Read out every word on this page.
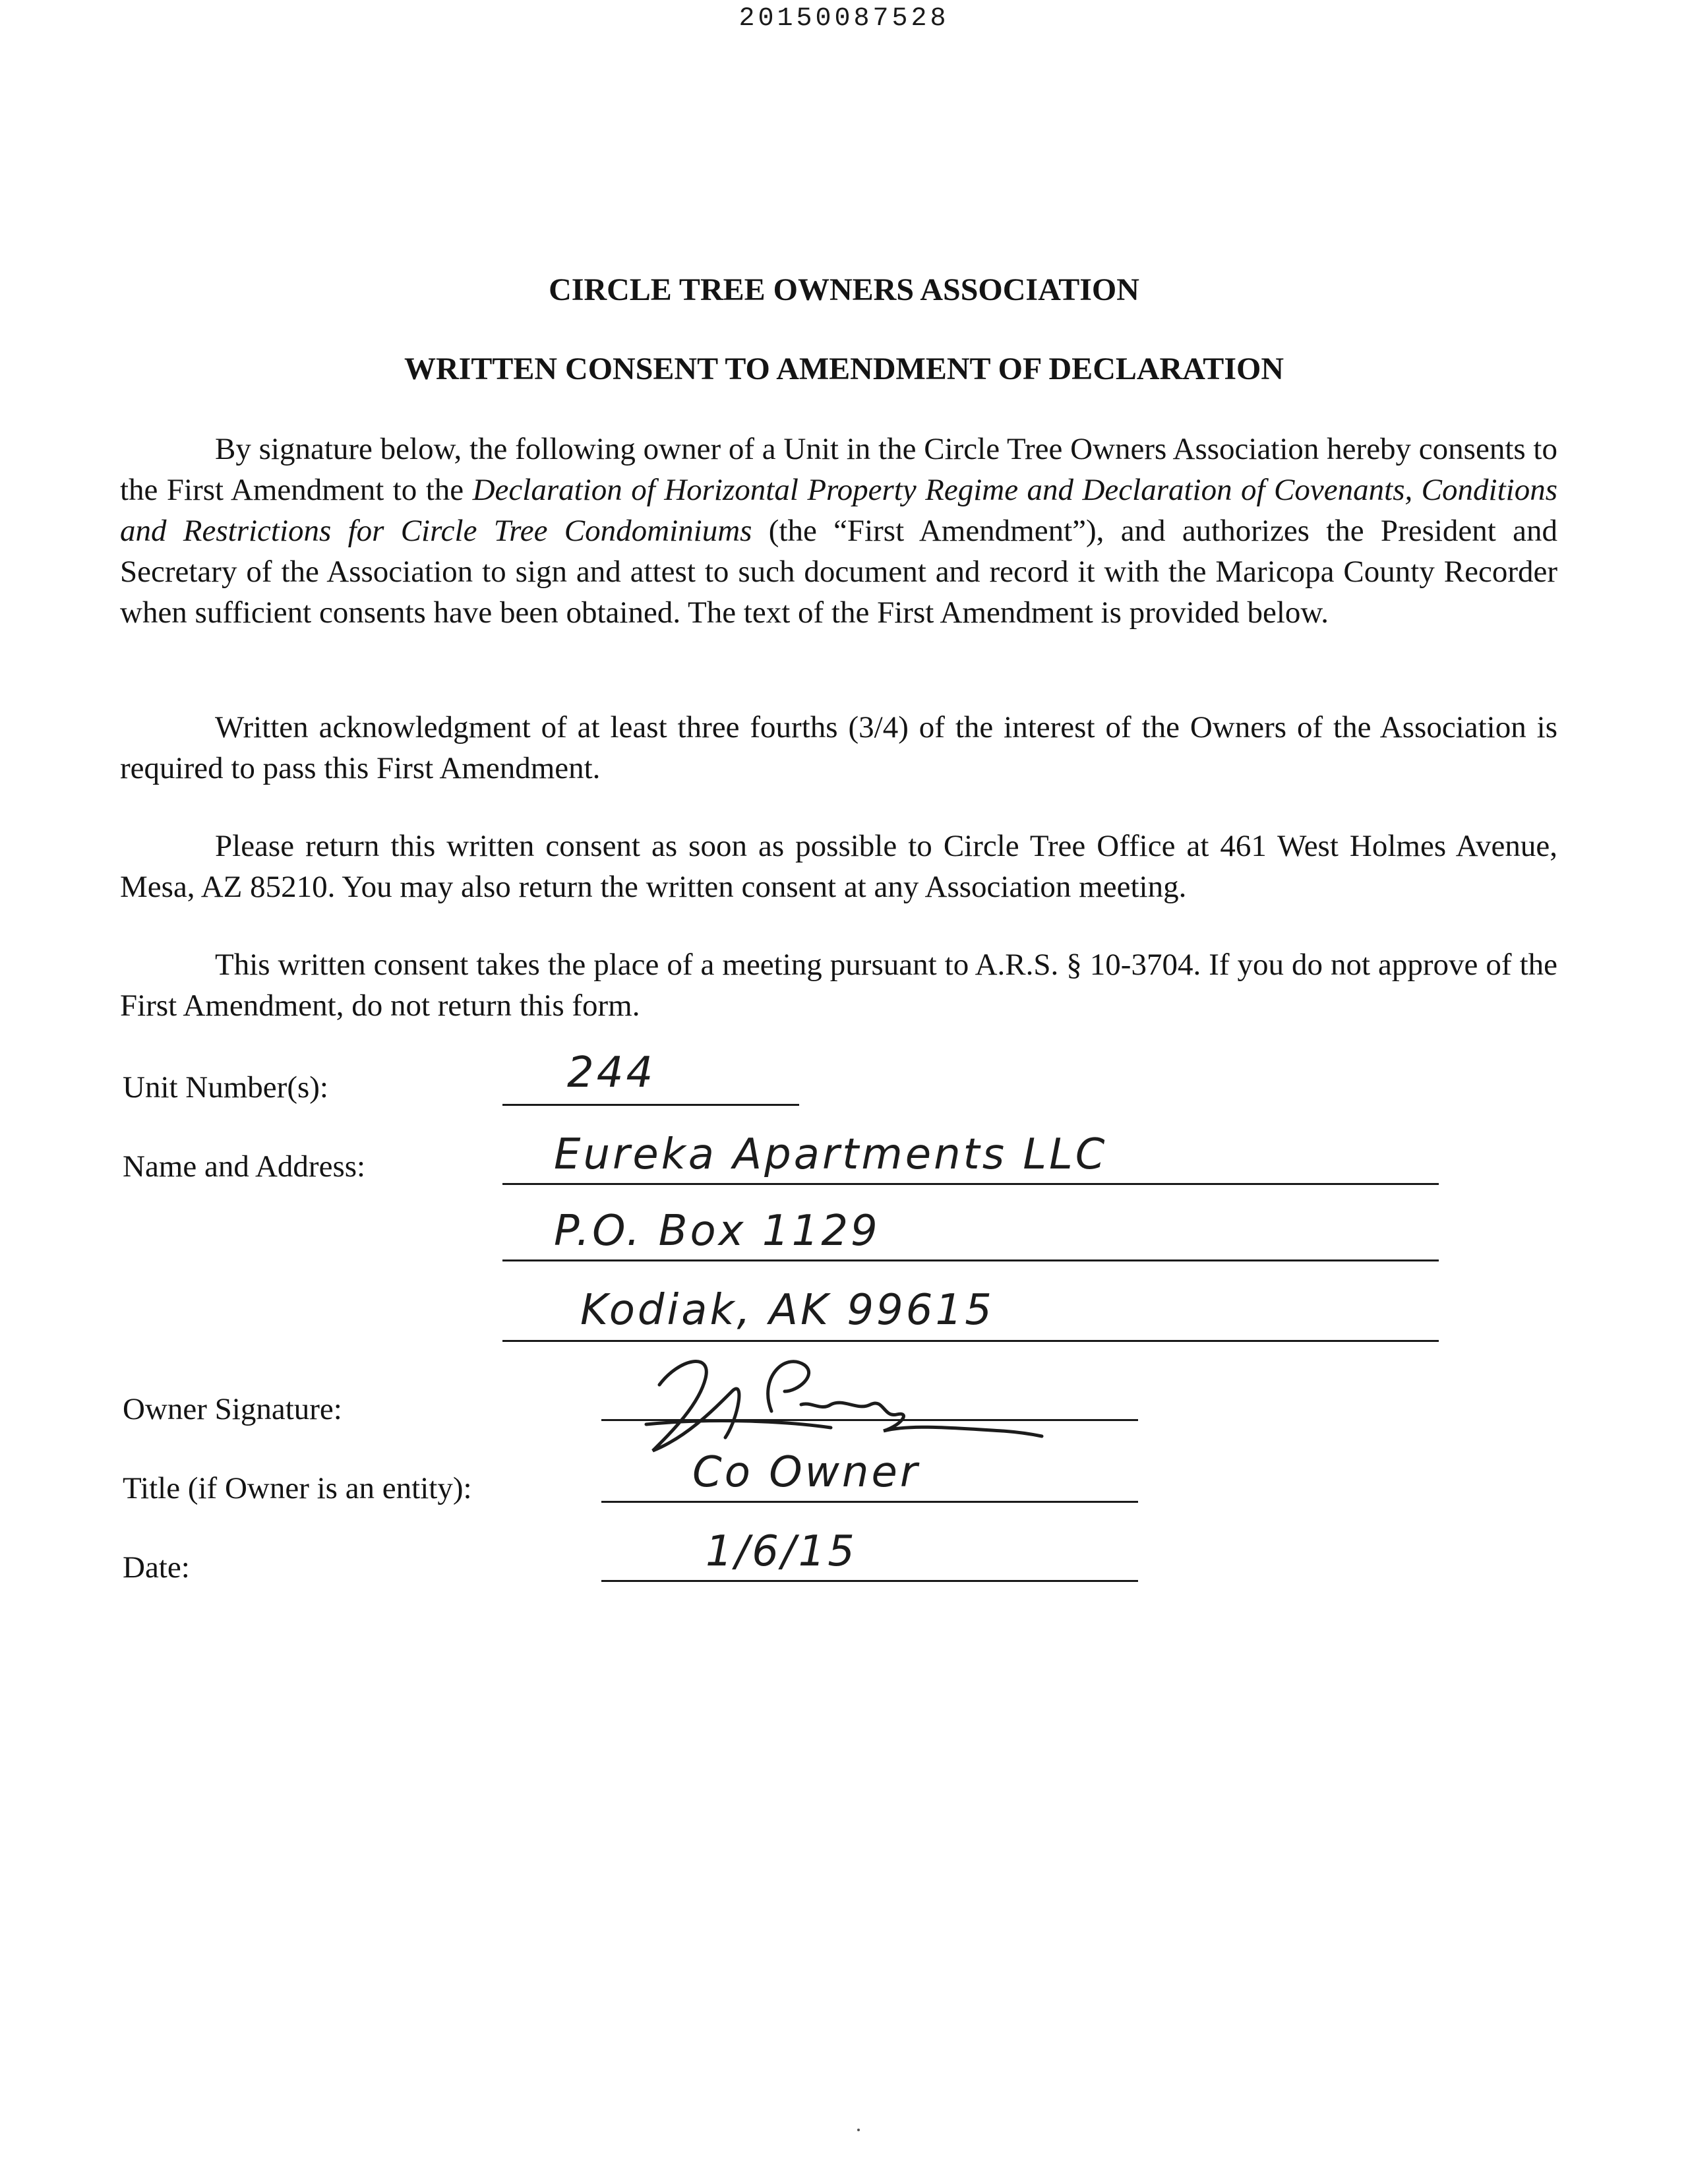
20150087528
CIRCLE TREE OWNERS ASSOCIATION
WRITTEN CONSENT TO AMENDMENT OF DECLARATION

By signature below, the following owner of a Unit in the Circle Tree Owners Association hereby consents to the First Amendment to the Declaration of Horizontal Property Regime and Declaration of Covenants, Conditions and Restrictions for Circle Tree Condominiums (the “First Amendment”), and authorizes the President and Secretary of the Association to sign and attest to such document and record it with the Maricopa County Recorder when sufficient consents have been obtained. The text of the First Amendment is provided below.

Written acknowledgment of at least three fourths (3/4) of the interest of the Owners of the Association is required to pass this First Amendment.

Please return this written consent as soon as possible to Circle Tree Office at 461 West Holmes Avenue, Mesa, AZ 85210. You may also return the written consent at any Association meeting.

This written consent takes the place of a meeting pursuant to A.R.S. § 10-3704. If you do not approve of the First Amendment, do not return this form.

Unit Number(s):	244
Name and Address:	Eureka Apartments LLC
P.O. Box 1129
Kodiak, AK 99615
Owner Signature:
Title (if Owner is an entity):	Co Owner
Date:	1/6/15
